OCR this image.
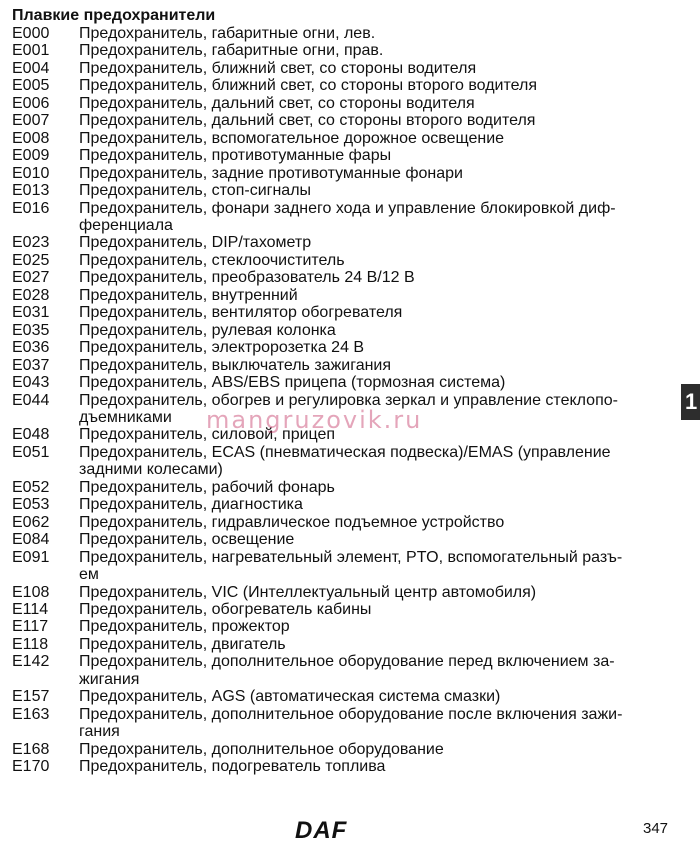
Плавкие предохранители
E000	Предохранитель, габаритные огни, лев.
E001	Предохранитель, габаритные огни, прав.
E004	Предохранитель, ближний свет, со стороны водителя
E005	Предохранитель, ближний свет, со стороны второго водителя
E006	Предохранитель, дальний свет, со стороны водителя
E007	Предохранитель, дальний свет, со стороны второго водителя
E008	Предохранитель, вспомогательное дорожное освещение
E009	Предохранитель, противотуманные фары
E010	Предохранитель, задние противотуманные фонари
E013	Предохранитель, стоп-сигналы
E016	Предохранитель, фонари заднего хода и управление блокировкой диф-
ференциала
E023	Предохранитель, DIP/тахометр
E025	Предохранитель, стеклоочиститель
E027	Предохранитель, преобразователь 24 В/12 В
E028	Предохранитель, внутренний
E031	Предохранитель, вентилятор обогревателя
E035	Предохранитель, рулевая колонка
E036	Предохранитель, электророзетка 24 В
E037	Предохранитель, выключатель зажигания
E043	Предохранитель, ABS/EBS прицепа (тормозная система)
E044	Предохранитель, обогрев и регулировка зеркал и управление стеклопо-
дъемниками
E048	Предохранитель, силовой, прицеп
E051	Предохранитель, ECAS (пневматическая подвеска)/EMAS (управление
задними колесами)
E052	Предохранитель, рабочий фонарь
E053	Предохранитель, диагностика
E062	Предохранитель, гидравлическое подъемное устройство
E084	Предохранитель, освещение
E091	Предохранитель, нагревательный элемент, PTO, вспомогательный разъ-
ем
E108	Предохранитель, VIC (Интеллектуальный центр автомобиля)
E114	Предохранитель, обогреватель кабины
E117	Предохранитель, прожектор
E118	Предохранитель, двигатель
E142	Предохранитель, дополнительное оборудование перед включением за-
жигания
E157	Предохранитель, AGS (автоматическая система смазки)
E163	Предохранитель, дополнительное оборудование после включения зажи-
гания
E168	Предохранитель, дополнительное оборудование
E170	Предохранитель, подогреватель топлива
mangruzovik.ru
1
DAF	347
